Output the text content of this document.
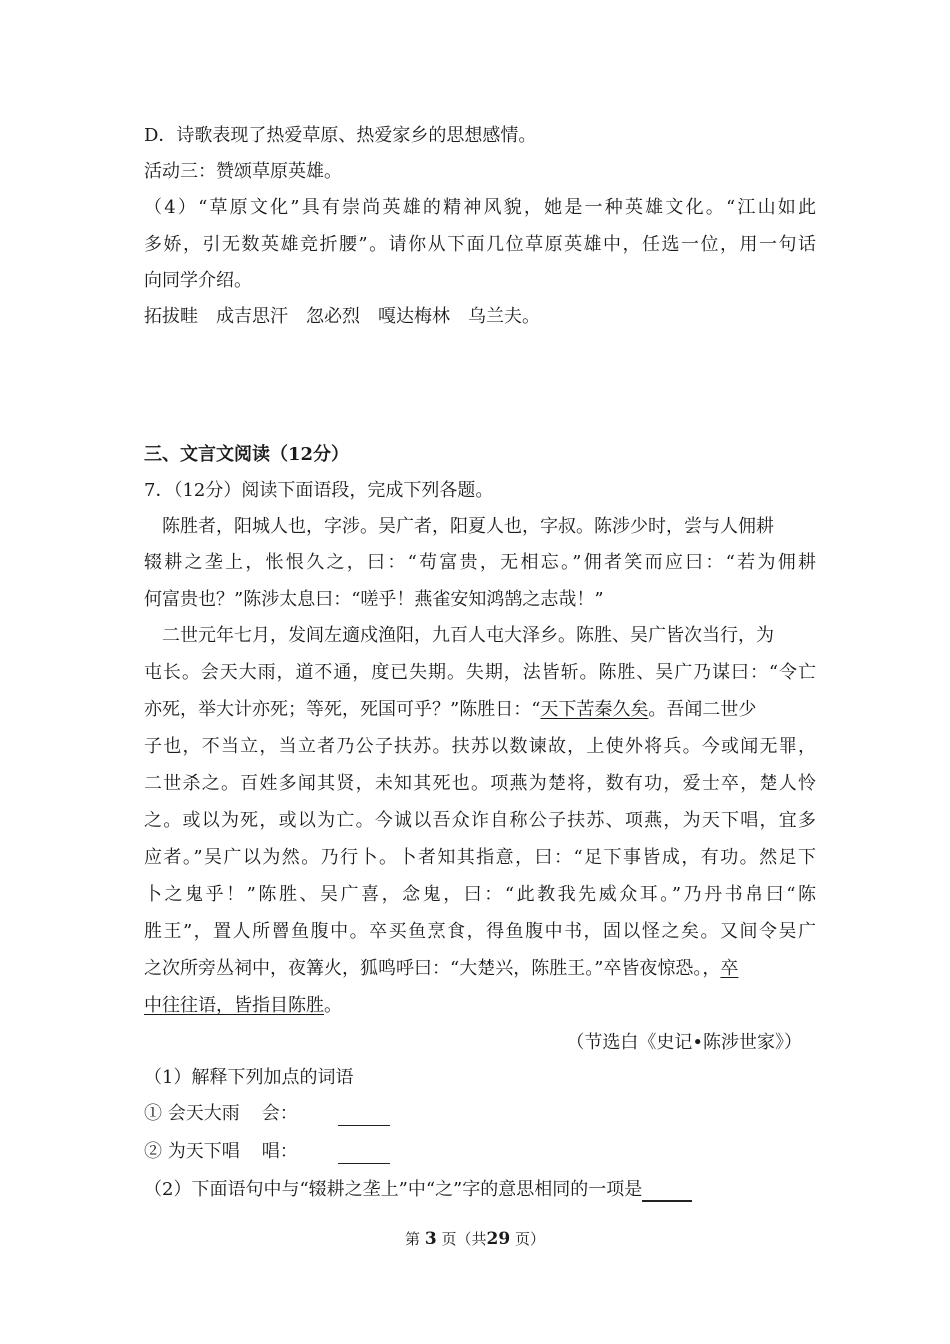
D．诗歌表现了热爱草原、热爱家乡的思想感情。
活动三：赞颂草原英雄。
（4）“草原文化”具有崇尚英雄的精神风貌，她是一种英雄文化。“江山如此
多娇，引无数英雄竞折腰”。请你从下面几位草原英雄中，任选一位，用一句话
向同学介绍。
拓拔畦 成吉思汗 忽必烈 嘎达梅林 乌兰夫。
三、文言文阅读（12分）
7．（12分）阅读下面语段，完成下列各题。
陈胜者，阳城人也，字涉。吴广者，阳夏人也，字叔。陈涉少时，尝与人佣耕
辍耕之垄上，怅恨久之，曰：“苟富贵，无相忘。”佣者笑而应曰：“若为佣耕
何富贵也？”陈涉太息曰：“嗟乎！燕雀安知鸿鹄之志哉！”
二世元年七月，发闾左適戍渔阳，九百人屯大泽乡。陈胜、吴广皆次当行，为
屯长。会天大雨，道不通，度已失期。失期，法皆斩。陈胜、吴广乃谋曰：“令亡
亦死，举大计亦死；等死，死国可乎？”陈胜日：“天下苦秦久矣。吾闻二世少
子也，不当立，当立者乃公子扶苏。扶苏以数谏故，上使外将兵。今或闻无罪，
二世杀之。百姓多闻其贤，未知其死也。项燕为楚将，数有功，爱士卒，楚人怜
之。或以为死，或以为亡。今诚以吾众诈自称公子扶苏、项燕，为天下唱，宜多
应者。”吴广以为然。乃行卜。卜者知其指意，曰：“足下事皆成，有功。然足下
卜之鬼乎！”陈胜、吴广喜，念鬼，曰：“此教我先威众耳。”乃丹书帛曰“陈
胜王”，置人所罾鱼腹中。卒买鱼烹食，得鱼腹中书，固以怪之矣。又间令吴广
之次所旁丛祠中，夜篝火，狐鸣呼曰：“大楚兴，陈胜王。”卒皆夜惊恐。，卒
中往往语，皆指目陈胜。
（节选白《史记•陈涉世家》）
（1）解释下列加点的词语
① 会天大雨 会：
② 为天下唱 唱：
（2）下面语句中与“辍耕之垄上”中“之”字的意思相同的一项是
第 3 页（共29 页）
